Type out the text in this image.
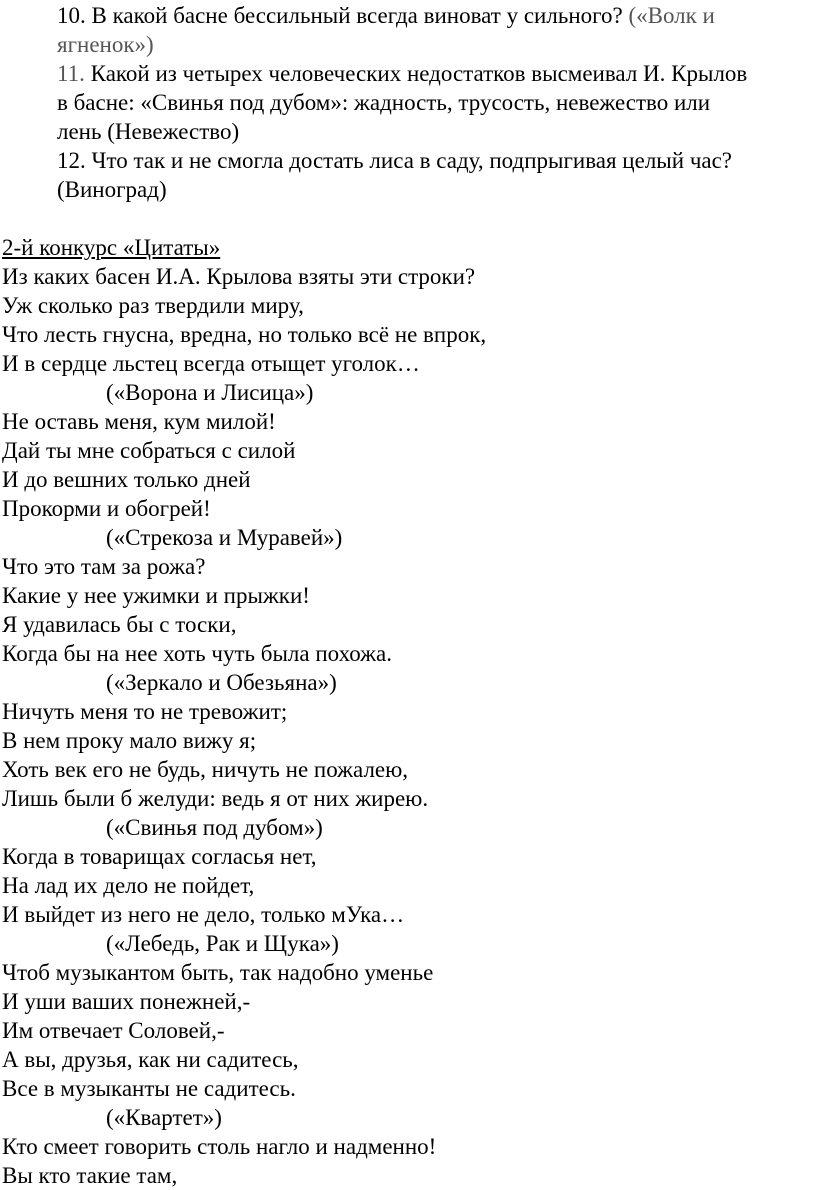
10. В какой басне бессильный всегда виноват у сильного? («Волк и
ягненок»)
11. Какой из четырех человеческих недостатков высмеивал И. Крылов
в басне: «Свинья под дубом»: жадность, трусость, невежество или
лень (Невежество)
12. Что так и не смогла достать лиса в саду, подпрыгивая целый час?
(Виноград)
2-й конкурс «Цитаты»
Из каких басен И.А. Крылова взяты эти строки?
Уж сколько раз твердили миру,
Что лесть гнусна, вредна, но только всё не впрок,
И в сердце льстец всегда отыщет уголок…
(«Ворона и Лисица»)
Не оставь меня, кум милой!
Дай ты мне собраться с силой
И до вешних только дней
Прокорми и обогрей!
(«Стрекоза и Муравей»)
Что это там за рожа?
Какие у нее ужимки и прыжки!
Я удавилась бы с тоски,
Когда бы на нее хоть чуть была похожа.
(«Зеркало и Обезьяна»)
Ничуть меня то не тревожит;
В нем проку мало вижу я;
Хоть век его не будь, ничуть не пожалею,
Лишь были б желуди: ведь я от них жирею.
(«Свинья под дубом»)
Когда в товарищах согласья нет,
На лад их дело не пойдет,
И выйдет из него не дело, только мУка…
(«Лебедь, Рак и Щука»)
Чтоб музыкантом быть, так надобно уменье
И уши ваших понежней,-
Им отвечает Соловей,-
А вы, друзья, как ни садитесь,
Все в музыканты не садитесь.
(«Квартет»)
Кто смеет говорить столь нагло и надменно!
Вы кто такие там,
